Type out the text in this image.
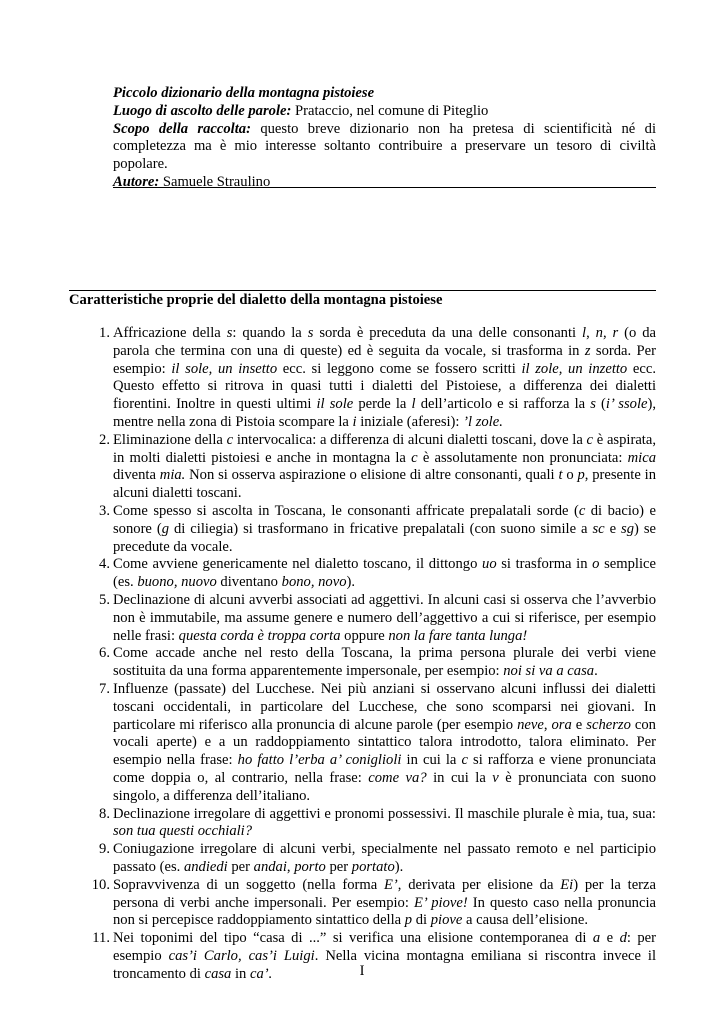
Piccolo dizionario della montagna pistoiese

Luogo di ascolto delle parole: Prataccio, nel comune di Piteglio

Scopo della raccolta: questo breve dizionario non ha pretesa di scientificità né di completezza ma è mio interesse soltanto contribuire a preservare un tesoro di civiltà popolare.

Autore: Samuele Straulino

Caratteristiche proprie del dialetto della montagna pistoiese
1. Affricazione della s: quando la s sorda è preceduta da una delle consonanti l, n, r (o da parola che termina con una di queste) ed è seguita da vocale, si trasforma in z sorda. Per esempio: il sole, un insetto ecc. si leggono come se fossero scritti il zole, un inzetto ecc. Questo effetto si ritrova in quasi tutti i dialetti del Pistoiese, a differenza dei dialetti fiorentini. Inoltre in questi ultimi il sole perde la l dell’articolo e si rafforza la s (i’ ssole), mentre nella zona di Pistoia scompare la i iniziale (aferesi): ’l zole.
2. Eliminazione della c intervocalica: a differenza di alcuni dialetti toscani, dove la c è aspirata, in molti dialetti pistoiesi e anche in montagna la c è assolutamente non pronunciata: mica diventa mia. Non si osserva aspirazione o elisione di altre consonanti, quali t o p, presente in alcuni dialetti toscani.
3. Come spesso si ascolta in Toscana, le consonanti affricate prepalatali sorde (c di bacio) e sonore (g di ciliegia) si trasformano in fricative prepalatali (con suono simile a sc e sg) se precedute da vocale.
4. Come avviene genericamente nel dialetto toscano, il dittongo uo si trasforma in o semplice (es. buono, nuovo diventano bono, novo).
5. Declinazione di alcuni avverbi associati ad aggettivi. In alcuni casi si osserva che l’avverbio non è immutabile, ma assume genere e numero dell’aggettivo a cui si riferisce, per esempio nelle frasi: questa corda è troppa corta oppure non la fare tanta lunga!
6. Come accade anche nel resto della Toscana, la prima persona plurale dei verbi viene sostituita da una forma apparentemente impersonale, per esempio: noi si va a casa.
7. Influenze (passate) del Lucchese. Nei più anziani si osservano alcuni influssi dei dialetti toscani occidentali, in particolare del Lucchese, che sono scomparsi nei giovani. In particolare mi riferisco alla pronuncia di alcune parole (per esempio neve, ora e scherzo con vocali aperte) e a un raddoppiamento sintattico talora introdotto, talora eliminato. Per esempio nella frase: ho fatto l’erba a’ coniglioli in cui la c si rafforza e viene pronunciata come doppia o, al contrario, nella frase: come va? in cui la v è pronunciata con suono singolo, a differenza dell’italiano.
8. Declinazione irregolare di aggettivi e pronomi possessivi. Il maschile plurale è mia, tua, sua: son tua questi occhiali?
9. Coniugazione irregolare di alcuni verbi, specialmente nel passato remoto e nel participio passato (es. andiedi per andai, porto per portato).
10. Sopravvivenza di un soggetto (nella forma E’, derivata per elisione da Ei) per la terza persona di verbi anche impersonali. Per esempio: E’ piove! In questo caso nella pronuncia non si percepisce raddoppiamento sintattico della p di piove a causa dell’elisione.
11. Nei toponimi del tipo “casa di ...” si verifica una elisione contemporanea di a e d: per esempio cas’i Carlo, cas’i Luigi. Nella vicina montagna emiliana si riscontra invece il troncamento di casa in ca’.	I
